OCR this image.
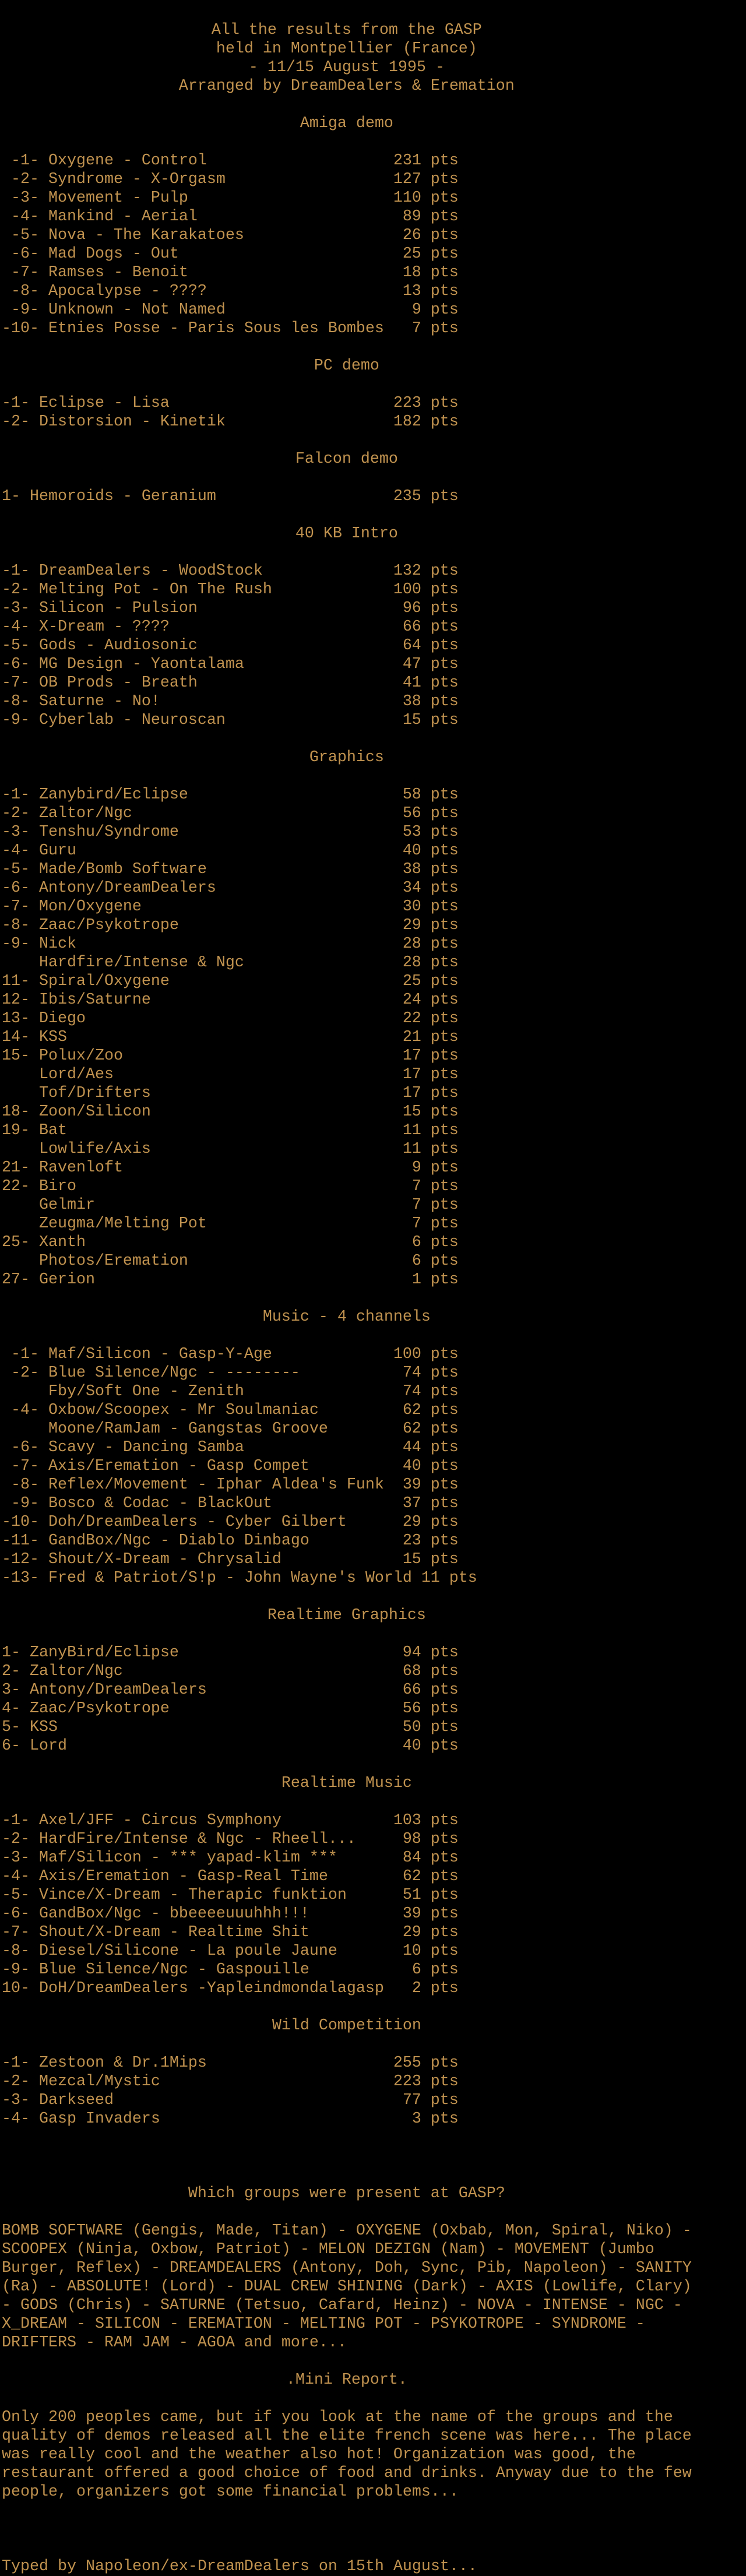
All the results from the GASP
held in Montpellier (France)
- 11/15 August 1995 -
Arranged by DreamDealers & Eremation
Amiga demo
-1- Oxygene - Control	231 pts
-2- Syndrome - X-Orgasm	127 pts
-3- Movement - Pulp	110 pts
-4- Mankind - Aerial	89 pts
-5- Nova - The Karakatoes	26 pts
-6- Mad Dogs - Out	25 pts
-7- Ramses - Benoit	18 pts
-8- Apocalypse - ????	13 pts
-9- Unknown - Not Named	9 pts
-10- Etnies Posse - Paris Sous les Bombes 7 pts
PC demo
-1- Eclipse - Lisa	223 pts
-2- Distorsion - Kinetik	182 pts
Falcon demo
1- Hemoroids - Geranium	235 pts
40 KB Intro
-1- DreamDealers - WoodStock	132 pts
-2- Melting Pot - On The Rush	100 pts
-3- Silicon - Pulsion	96 pts
-4- X-Dream - ????	66 pts
-5- Gods - Audiosonic	64 pts
-6- MG Design - Yaontalama	47 pts
-7- OB Prods - Breath	41 pts
-8- Saturne - No!	38 pts
-9- Cyberlab - Neuroscan	15 pts
Graphics
-1- Zanybird/Eclipse	58 pts
-2- Zaltor/Ngc	56 pts
-3- Tenshu/Syndrome	53 pts
-4- Guru	40 pts
-5- Made/Bomb Software	38 pts
-6- Antony/DreamDealers	34 pts
-7- Mon/Oxygene	30 pts
-8- Zaac/Psykotrope	29 pts
-9- Nick	28 pts
Hardfire/Intense & Ngc	28 pts
11- Spiral/Oxygene	25 pts
12- Ibis/Saturne	24 pts
13- Diego	22 pts
14- KSS	21 pts
15- Polux/Zoo	17 pts
Lord/Aes	17 pts
Tof/Drifters	17 pts
18- Zoon/Silicon	15 pts
19- Bat	11 pts
Lowlife/Axis	11 pts
21- Ravenloft	9 pts
22- Biro	7 pts
Gelmir	7 pts
Zeugma/Melting Pot	7 pts
25- Xanth	6 pts
Photos/Eremation	6 pts
27- Gerion	1 pts
Music - 4 channels
-1- Maf/Silicon - Gasp-Y-Age	100 pts
-2- Blue Silence/Ngc - --------	74 pts
Fby/Soft One - Zenith	74 pts
-4- Oxbow/Scoopex - Mr Soulmaniac	62 pts
Moone/RamJam - Gangstas Groove	62 pts
-6- Scavy - Dancing Samba	44 pts
-7- Axis/Eremation - Gasp Compet	40 pts
-8- Reflex/Movement - Iphar Aldea's Funk 39 pts
-9- Bosco & Codac - BlackOut	37 pts
-10- Doh/DreamDealers - Cyber Gilbert	29 pts
-11- GandBox/Ngc - Diablo Dinbago	23 pts
-12- Shout/X-Dream - Chrysalid	15 pts
-13- Fred & Patriot/S!p - John Wayne's World 11 pts
Realtime Graphics
1- ZanyBird/Eclipse	94 pts
2- Zaltor/Ngc	68 pts
3- Antony/DreamDealers	66 pts
4- Zaac/Psykotrope	56 pts
5- KSS	50 pts
6- Lord	40 pts
Realtime Music
-1- Axel/JFF - Circus Symphony	103 pts
-2- HardFire/Intense & Ngc - Rheell...	98 pts
-3- Maf/Silicon - *** yapad-klim ***	84 pts
-4- Axis/Eremation - Gasp-Real Time	62 pts
-5- Vince/X-Dream - Therapic funktion	51 pts
-6- GandBox/Ngc - bbeeeeuuuhhh!!!	39 pts
-7- Shout/X-Dream - Realtime Shit	29 pts
-8- Diesel/Silicone - La poule Jaune	10 pts
-9- Blue Silence/Ngc - Gaspouille	6 pts
10- DoH/DreamDealers -Yapleindmondalagasp 2 pts
Wild Competition
-1- Zestoon & Dr.1Mips	255 pts
-2- Mezcal/Mystic	223 pts
-3- Darkseed	77 pts
-4- Gasp Invaders	3 pts
Which groups were present at GASP?
BOMB SOFTWARE (Gengis, Made, Titan) - OXYGENE (Oxbab, Mon, Spiral, Niko) -
SCOOPEX (Ninja, Oxbow, Patriot) - MELON DEZIGN (Nam) - MOVEMENT (Jumbo
Burger, Reflex) - DREAMDEALERS (Antony, Doh, Sync, Pib, Napoleon) - SANITY
(Ra) - ABSOLUTE! (Lord) - DUAL CREW SHINING (Dark) - AXIS (Lowlife, Clary)
- GODS (Chris) - SATURNE (Tetsuo, Cafard, Heinz) - NOVA - INTENSE - NGC -
X_DREAM - SILICON - EREMATION - MELTING POT - PSYKOTROPE - SYNDROME -
DRIFTERS - RAM JAM - AGOA and more...
.Mini Report.
Only 200 peoples came, but if you look at the name of the groups and the
quality of demos released all the elite french scene was here... The place
was really cool and the weather also hot! Organization was good, the
restaurant offered a good choice of food and drinks. Anyway due to the few
people, organizers got some financial problems...
Typed by Napoleon/ex-DreamDealers on 15th August...
